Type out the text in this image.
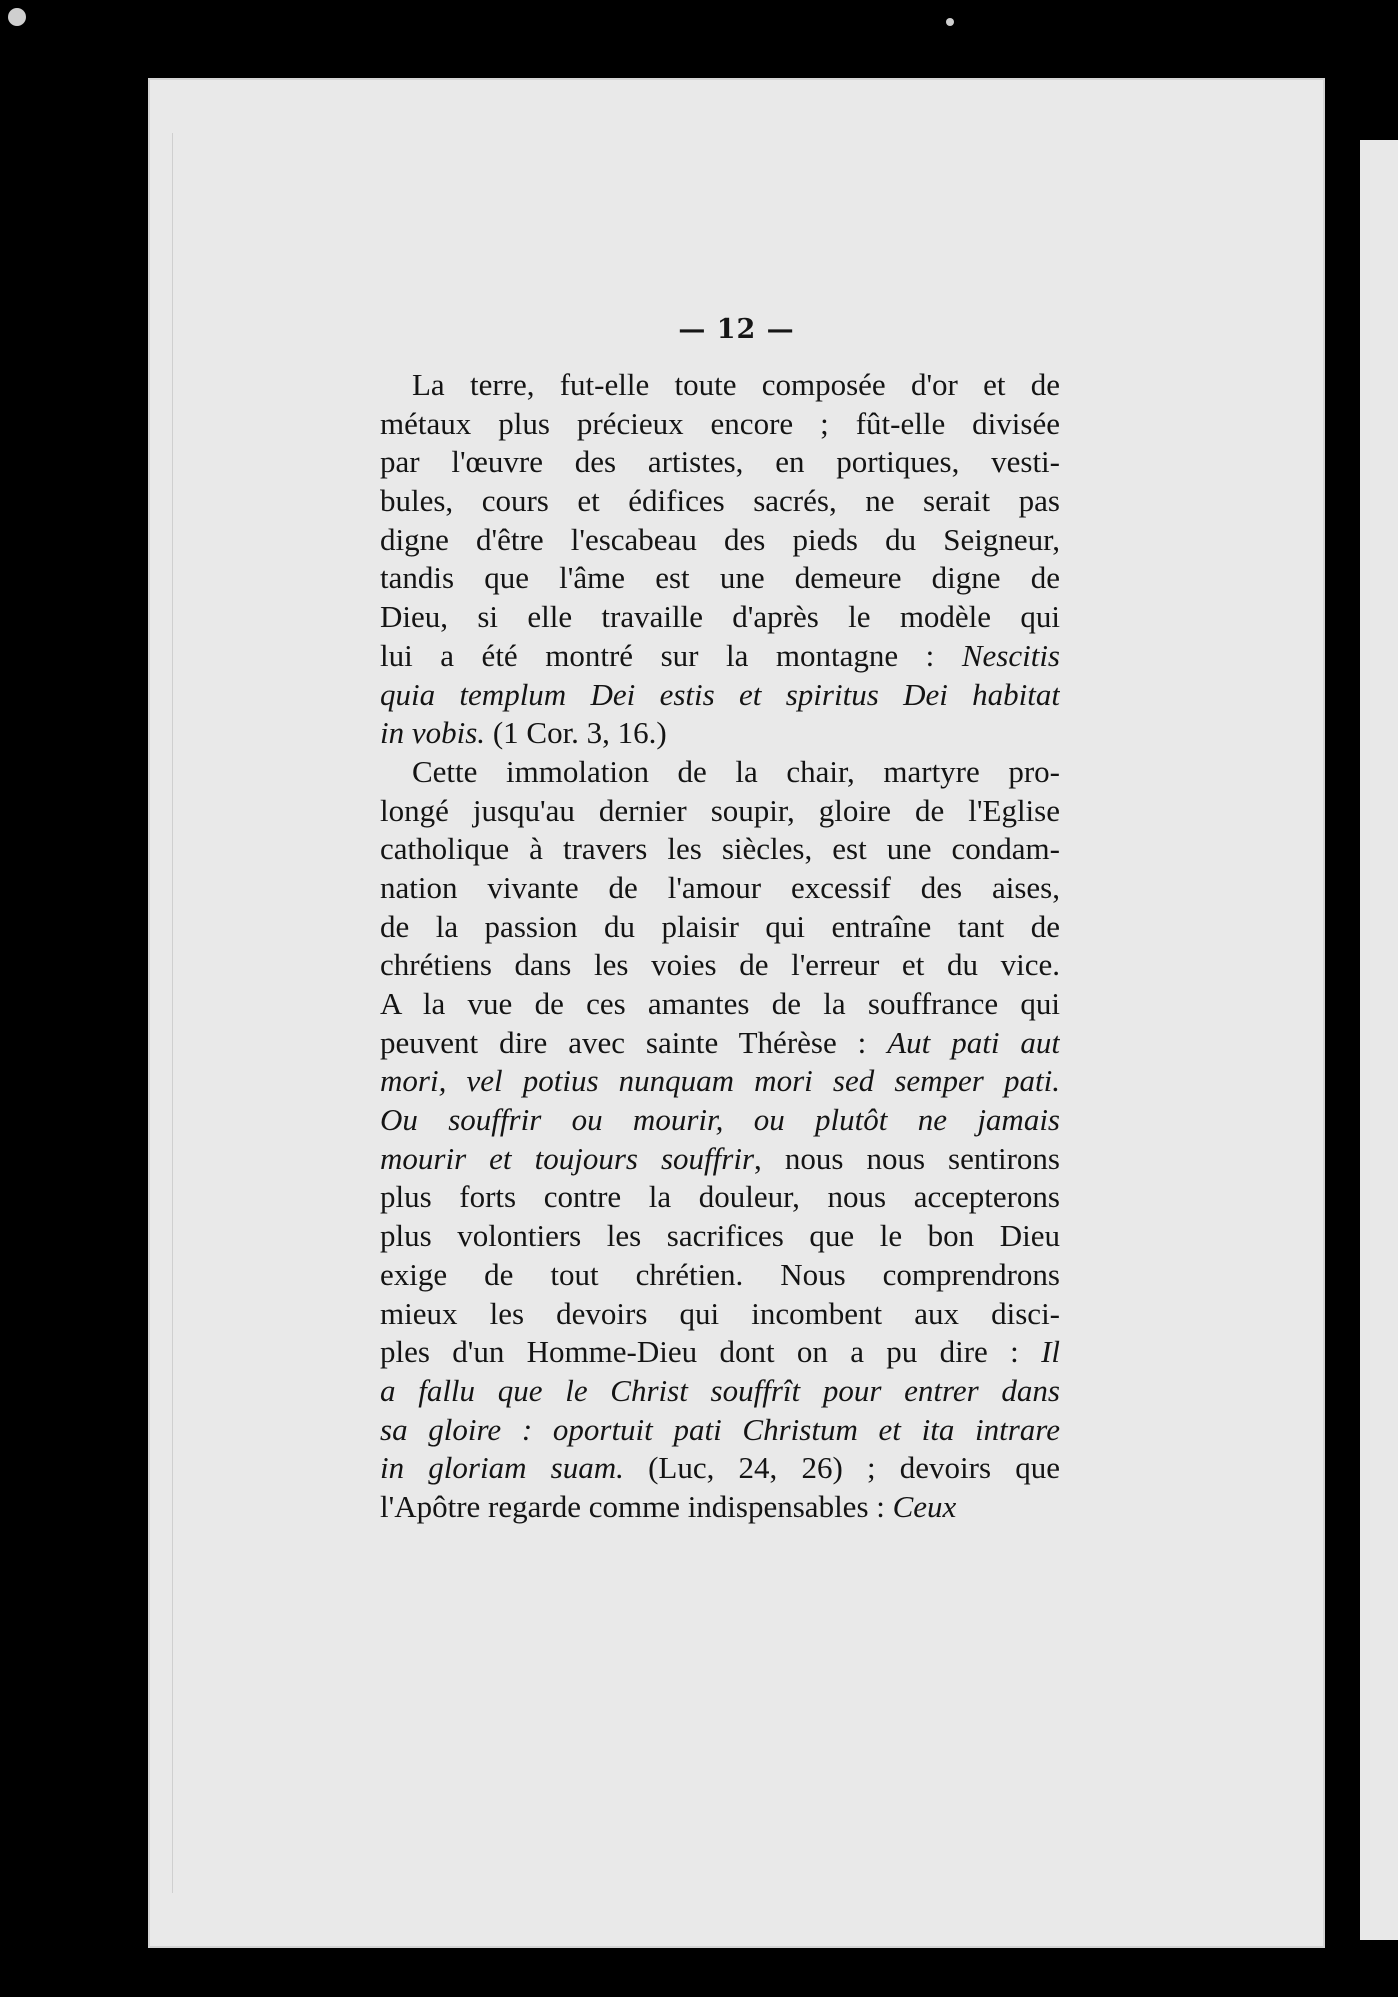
— 12 —
La terre, fut-elle toute composée d'or et de
métaux plus précieux encore ; fût-elle divisée
par l'œuvre des artistes, en portiques, vesti-
bules, cours et édifices sacrés, ne serait pas
digne d'être l'escabeau des pieds du Seigneur,
tandis que l'âme est une demeure digne de
Dieu, si elle travaille d'après le modèle qui
lui a été montré sur la montagne : Nescitis
quia templum Dei estis et spiritus Dei habitat
in vobis. (1 Cor. 3, 16.)
Cette immolation de la chair, martyre pro-
longé jusqu'au dernier soupir, gloire de l'Eglise
catholique à travers les siècles, est une condam-
nation vivante de l'amour excessif des aises,
de la passion du plaisir qui entraîne tant de
chrétiens dans les voies de l'erreur et du vice.
A la vue de ces amantes de la souffrance qui
peuvent dire avec sainte Thérèse : Aut pati aut
mori, vel potius nunquam mori sed semper pati.
Ou souffrir ou mourir, ou plutôt ne jamais
mourir et toujours souffrir, nous nous sentirons
plus forts contre la douleur, nous accepterons
plus volontiers les sacrifices que le bon Dieu
exige de tout chrétien. Nous comprendrons
mieux les devoirs qui incombent aux disci-
ples d'un Homme-Dieu dont on a pu dire : Il
a fallu que le Christ souffrît pour entrer dans
sa gloire : oportuit pati Christum et ita intrare
in gloriam suam. (Luc, 24, 26) ; devoirs que
l'Apôtre regarde comme indispensables : Ceux
